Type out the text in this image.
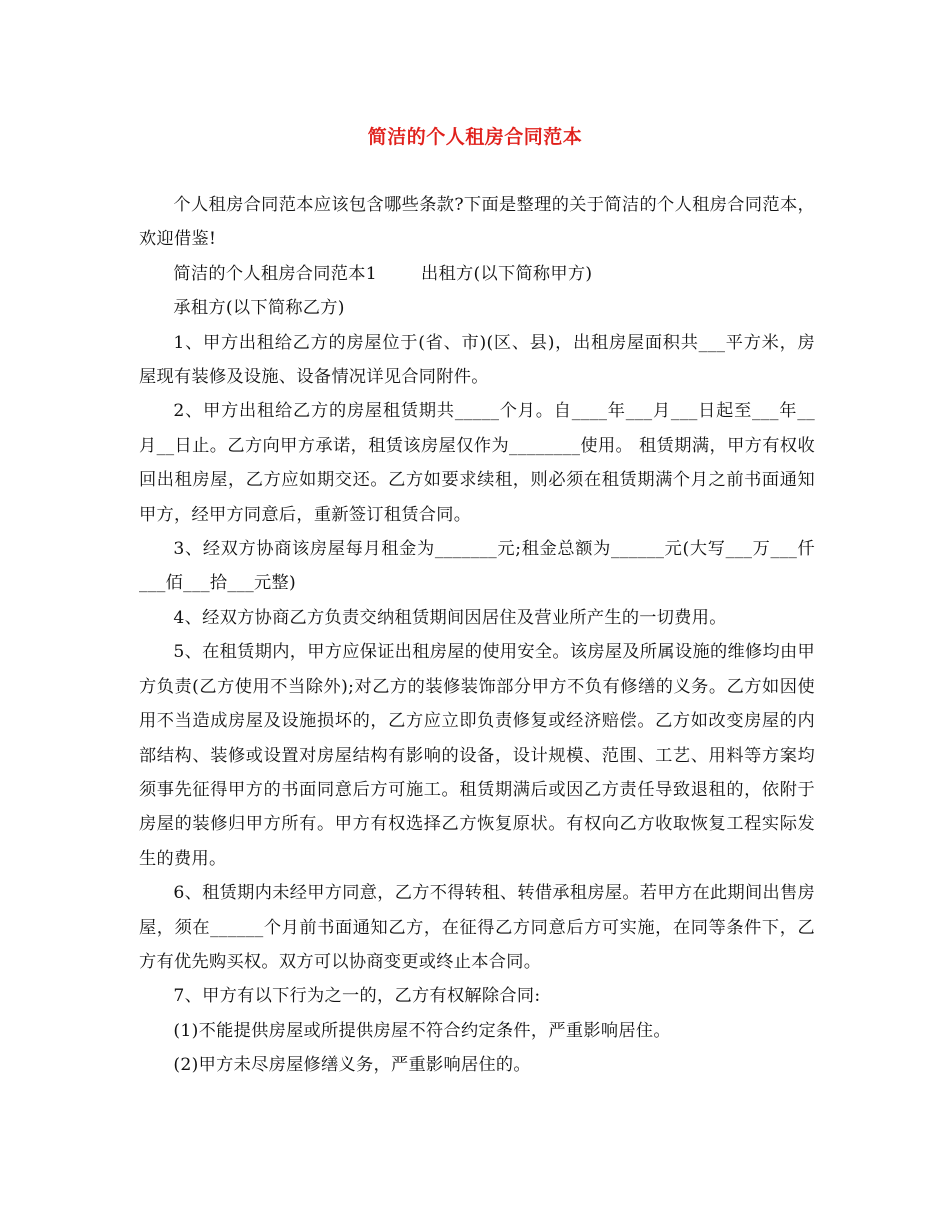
简洁的个人租房合同范本

个人租房合同范本应该包含哪些条款?下面是整理的关于简洁的个人租房合同范本，欢迎借鉴!

简洁的个人租房合同范本1	出租方(以下简称甲方)

承租方(以下简称乙方)

1、甲方出租给乙方的房屋位于(省、市)(区、县)，出租房屋面积共___平方米，房屋现有装修及设施、设备情况详见合同附件。

2、甲方出租给乙方的房屋租赁期共_____个月。自____年___月___日起至___年__月__日止。乙方向甲方承诺，租赁该房屋仅作为________使用。 租赁期满，甲方有权收回出租房屋，乙方应如期交还。乙方如要求续租，则必须在租赁期满个月之前书面通知甲方，经甲方同意后，重新签订租赁合同。

3、经双方协商该房屋每月租金为_______元;租金总额为______元(大写___万___仟___佰___拾___元整)

4、经双方协商乙方负责交纳租赁期间因居住及营业所产生的一切费用。

5、在租赁期内，甲方应保证出租房屋的使用安全。该房屋及所属设施的维修均由甲方负责(乙方使用不当除外);对乙方的装修装饰部分甲方不负有修缮的义务。乙方如因使用不当造成房屋及设施损坏的，乙方应立即负责修复或经济赔偿。乙方如改变房屋的内部结构、装修或设置对房屋结构有影响的设备，设计规模、范围、工艺、用料等方案均须事先征得甲方的书面同意后方可施工。租赁期满后或因乙方责任导致退租的，依附于房屋的装修归甲方所有。甲方有权选择乙方恢复原状。有权向乙方收取恢复工程实际发生的费用。

6、租赁期内未经甲方同意，乙方不得转租、转借承租房屋。若甲方在此期间出售房屋，须在______个月前书面通知乙方，在征得乙方同意后方可实施，在同等条件下，乙方有优先购买权。双方可以协商变更或终止本合同。

7、甲方有以下行为之一的，乙方有权解除合同:

(1)不能提供房屋或所提供房屋不符合约定条件，严重影响居住。

(2)甲方未尽房屋修缮义务，严重影响居住的。
